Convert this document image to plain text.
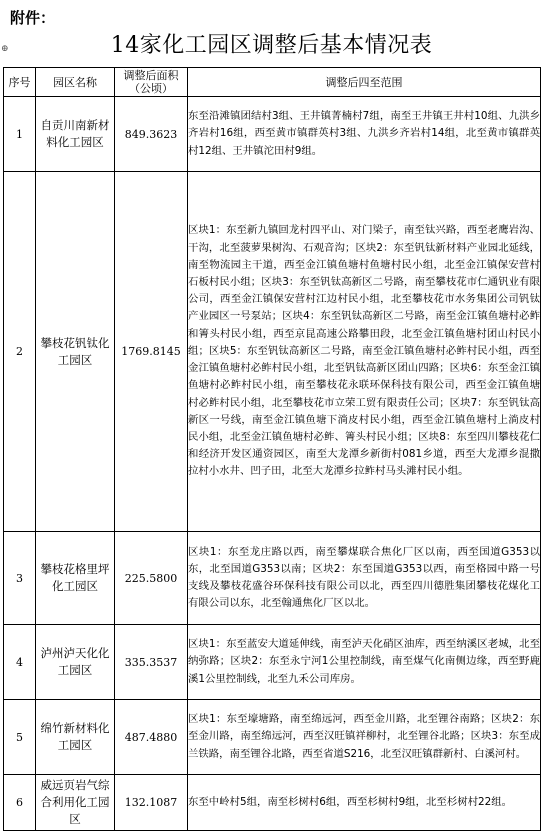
附件：
⊕	14家化工园区调整后基本情况表
序号	园区名称	调整后面积（公顷）	调整后四至范围
1	自贡川南新材料化工园区	849.3623	东至沿滩镇团结村3组、王井镇菁楠村7组，南至王井镇王井村10组、九洪乡齐岩村16组，西至黄市镇群英村3组、九洪乡齐岩村14组，北至黄市镇群英村12组、王井镇沱田村9组。
2	攀枝花钒钛化工园区	1769.8145	区块1：东至新九镇回龙村四平山、对门梁子，南至钛兴路，西至老鹰岩沟、干沟，北至菠萝果树沟、石观音沟；区块2：东至钒钛新材料产业园北延线，南至物流园主干道，西至金江镇鱼塘村鱼塘村民小组，北至金江镇保安营村石板村民小组；区块3：东至钒钛高新区二号路，南至攀枝花市仁通钒业有限公司，西至金江镇保安营村江边村民小组，北至攀枝花市水务集团公司钒钛产业园区一号泵站；区块4：东至钒钛高新区二号路，南至金江镇鱼塘村必鲊和箐头村民小组，西至京昆高速公路攀田段，北至金江镇鱼塘村团山村民小组；区块5：东至钒钛高新区二号路，南至金江镇鱼塘村必鲊村民小组，西至金江镇鱼塘村必鲊村民小组，北至钒钛高新区团山四路；区块6：东至金江镇鱼塘村必鲊村民小组，南至攀枝花永联环保科技有限公司，西至金江镇鱼塘村必鲊村民小组，北至攀枝花市立荣工贸有限责任公司；区块7：东至钒钛高新区一号线，南至金江镇鱼塘下淌皮村民小组，西至金江镇鱼塘村上淌皮村民小组，北至金江镇鱼塘村必鲊、箐头村民小组；区块8：东至四川攀枝花仁和经济开发区通资园区，南至大龙潭乡新街村081乡道，西至大龙潭乡混撒拉村小水井、凹子田，北至大龙潭乡拉鲊村马头滩村民小组。
3	攀枝花格里坪化工园区	225.5800	区块1：东至龙庄路以西，南至攀煤联合焦化厂区以南，西至国道G353以东，北至国道G353以南；区块2：东至国道G353以西，南至格园中路一号支线及攀枝花盛谷环保科技有限公司以北，西至四川德胜集团攀枝花煤化工有限公司以东，北至翰通焦化厂区以北。
4	泸州泸天化化工园区	335.3537	区块1：东至蓝安大道延伸线，南至泸天化硝区油库，西至纳溪区老城，北至纳弥路；区块2：东至永宁河1公里控制线，南至煤气化南侧边缘，西至野鹿溪1公里控制线，北至九禾公司库房。
5	绵竹新材料化工园区	487.4880	区块1：东至壕塘路，南至绵远河，西至金川路，北至锂谷南路；区块2：东至金川路，南至绵远河，西至汉旺镇祥柳村，北至锂谷北路；区块3：东至成兰铁路，南至锂谷北路，西至省道S216，北至汉旺镇群新村、白溪河村。
6	威远页岩气综合利用化工园区	132.1087	东至中岭村5组，南至杉树村6组，西至杉树村9组，北至杉树村22组。
